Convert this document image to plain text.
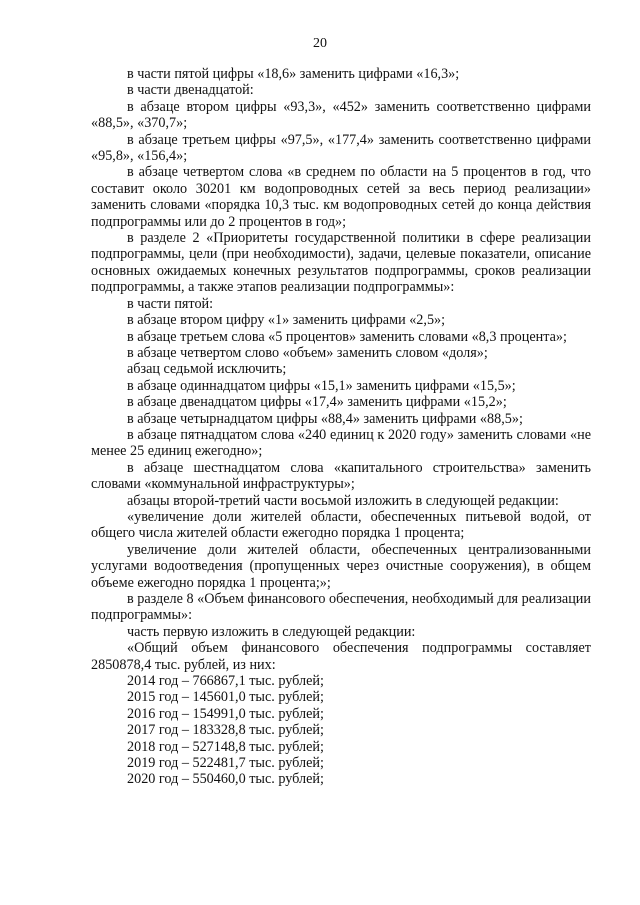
20

в части пятой цифры «18,6» заменить цифрами «16,3»;

в части двенадцатой:

в абзаце втором цифры «93,3», «452» заменить соответственно цифрами «88,5», «370,7»;

в абзаце третьем цифры «97,5», «177,4» заменить соответственно цифрами «95,8», «156,4»;

в абзаце четвертом слова «в среднем по области на 5 процентов в год, что составит около 30201 км водопроводных сетей за весь период реализации» заменить словами «порядка 10,3 тыс. км водопроводных сетей до конца действия подпрограммы или до 2 процентов в год»;

в разделе 2 «Приоритеты государственной политики в сфере реализации подпрограммы, цели (при необходимости), задачи, целевые показатели, описание основных ожидаемых конечных результатов подпрограммы, сроков реализации подпрограммы, а также этапов реализации подпрограммы»:

в части пятой:

в абзаце втором цифру «1» заменить цифрами «2,5»;

в абзаце третьем слова «5 процентов» заменить словами «8,3 процента»;

в абзаце четвертом слово «объем» заменить словом «доля»;

абзац седьмой исключить;

в абзаце одиннадцатом цифры «15,1» заменить цифрами «15,5»;

в абзаце двенадцатом цифры «17,4» заменить цифрами «15,2»;

в абзаце четырнадцатом цифры «88,4» заменить цифрами «88,5»;

в абзаце пятнадцатом слова «240 единиц к 2020 году» заменить словами «не менее 25 единиц ежегодно»;

в абзаце шестнадцатом слова «капитального строительства» заменить словами «коммунальной инфраструктуры»;

абзацы второй-третий части восьмой изложить в следующей редакции:

«увеличение доли жителей области, обеспеченных питьевой водой, от общего числа жителей области ежегодно порядка 1 процента;

увеличение доли жителей области, обеспеченных централизованными услугами водоотведения (пропущенных через очистные сооружения), в общем объеме ежегодно порядка 1 процента;»;

в разделе 8 «Объем финансового обеспечения, необходимый для реализации подпрограммы»:

часть первую изложить в следующей редакции:

«Общий объем финансового обеспечения подпрограммы составляет 2850878,4 тыс. рублей, из них:

2014 год – 766867,1 тыс. рублей;

2015 год – 145601,0 тыс. рублей;

2016 год – 154991,0 тыс. рублей;

2017 год – 183328,8 тыс. рублей;

2018 год – 527148,8 тыс. рублей;

2019 год – 522481,7 тыс. рублей;

2020 год – 550460,0 тыс. рублей;
